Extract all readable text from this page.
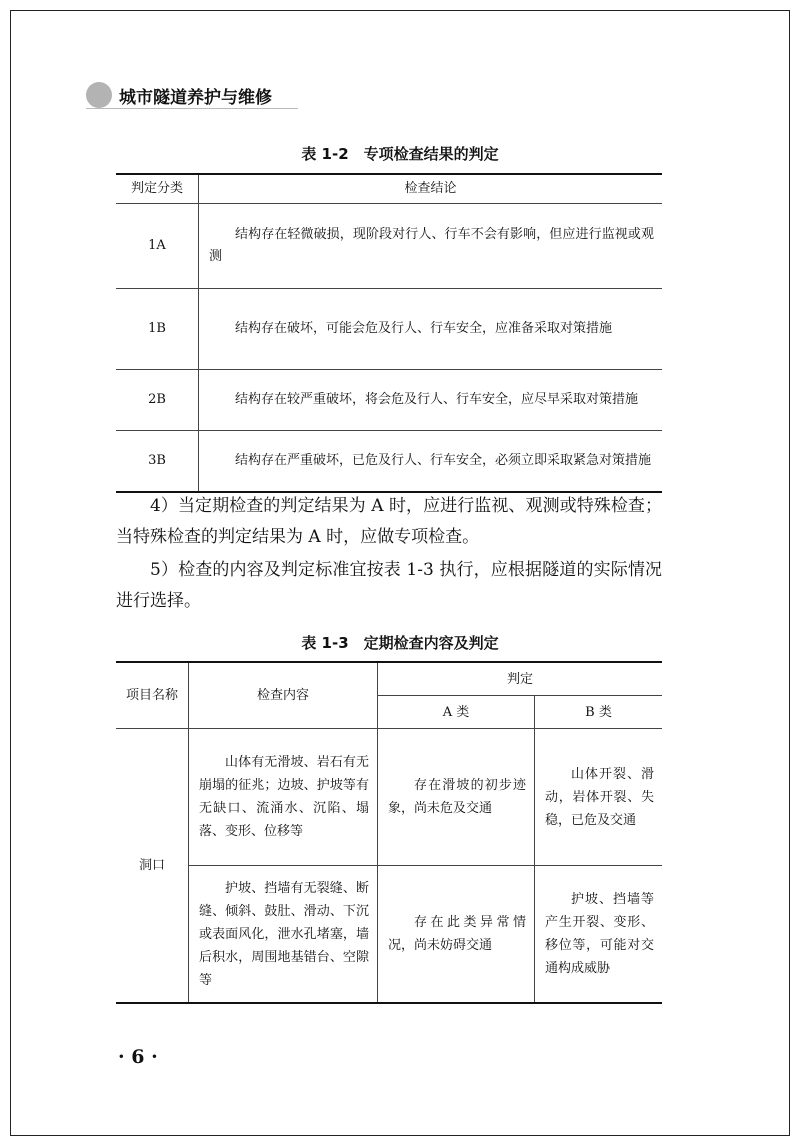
城市隧道养护与维修
表 1-2　专项检查结果的判定
判定分类	检查结论
1A	结构存在轻微破损，现阶段对行人、行车不会有影响，但应进行监视或观测
1B	结构存在破坏，可能会危及行人、行车安全，应准备采取对策措施
2B	结构存在较严重破坏，将会危及行人、行车安全，应尽早采取对策措施
3B	结构存在严重破坏，已危及行人、行车安全，必须立即采取紧急对策措施
4）当定期检查的判定结果为 A 时，应进行监视、观测或特殊检查；当特殊检查的判定结果为 A 时，应做专项检查。
5）检查的内容及判定标准宜按表 1-3 执行，应根据隧道的实际情况进行选择。
表 1-3　定期检查内容及判定
项目名称	检查内容	判定	
		A 类	B 类
洞口	山体有无滑坡、岩石有无崩塌的征兆；边坡、护坡等有无缺口、流涌水、沉陷、塌落、变形、位移等	存在滑坡的初步迹象，尚未危及交通	山体开裂、滑动，岩体开裂、失稳，已危及交通
	护坡、挡墙有无裂缝、断缝、倾斜、鼓肚、滑动、下沉或表面风化，泄水孔堵塞，墙后积水，周围地基错台、空隙等	存在此类异常情况，尚未妨碍交通	护坡、挡墙等产生开裂、变形、移位等，可能对交通构成威胁
· 6 ·
